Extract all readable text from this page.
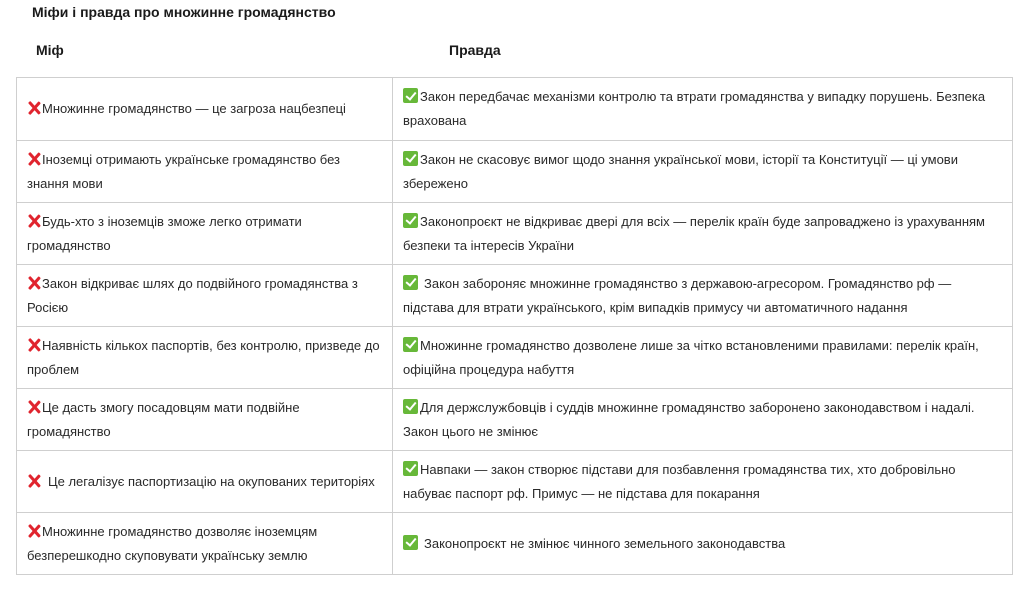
Міфи і правда про множинне громадянство
Міф	Правда
Множинне громадянство — це загроза нацбезпеці	Закон передбачає механізми контролю та втрати громадянства у випадку порушень. Безпека врахована
Іноземці отримають українське громадянство без знання мови	Закон не скасовує вимог щодо знання української мови, історії та Конституції — ці умови збережено
Будь-хто з іноземців зможе легко отримати громадянство	Законопроєкт не відкриває двері для всіх — перелік країн буде запроваджено із урахуванням безпеки та інтересів України
Закон відкриває шлях до подвійного громадянства з Росією	Закон забороняє множинне громадянство з державою-агресором. Громадянство рф — підстава для втрати українського, крім випадків примусу чи автоматичного надання
Наявність кількох паспортів, без контролю, призведе до проблем	Множинне громадянство дозволене лише за чітко встановленими правилами: перелік країн, офіційна процедура набуття
Це дасть змогу посадовцям мати подвійне громадянство	Для держслужбовців і суддів множинне громадянство заборонено законодавством і надалі. Закон цього не змінює
Це легалізує паспортизацію на окупованих територіях	Навпаки — закон створює підстави для позбавлення громадянства тих, хто добровільно набуває паспорт рф. Примус — не підстава для покарання
Множинне громадянство дозволяє іноземцям безперешкодно скуповувати українську землю	Законопроєкт не змінює чинного земельного законодавства
